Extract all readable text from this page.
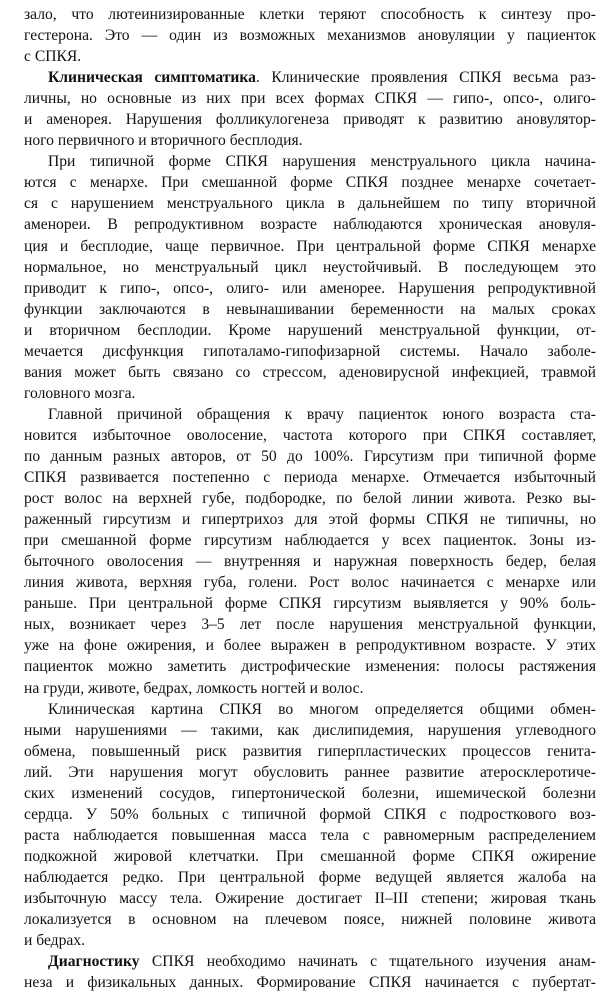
зало, что лютеинизированные клетки теряют способность к синтезу про-
гестерона. Это — один из возможных механизмов ановуляции у пациенток
с СПКЯ.
Клиническая симптоматика. Клинические проявления СПКЯ весьма раз-
личны, но основные из них при всех формах СПКЯ — гипо-, опсо-, олиго-
и аменорея. Нарушения фолликулогенеза приводят к развитию ановулятор-
ного первичного и вторичного бесплодия.
При типичной форме СПКЯ нарушения менструального цикла начина-
ются с менархе. При смешанной форме СПКЯ позднее менархе сочетает-
ся с нарушением менструального цикла в дальнейшем по типу вторичной
аменореи. В репродуктивном возрасте наблюдаются хроническая ановуля-
ция и бесплодие, чаще первичное. При центральной форме СПКЯ менархе
нормальное, но менструальный цикл неустойчивый. В последующем это
приводит к гипо-, опсо-, олиго- или аменорее. Нарушения репродуктивной
функции заключаются в невынашивании беременности на малых сроках
и вторичном бесплодии. Кроме нарушений менструальной функции, от-
мечается дисфункция гипоталамо-гипофизарной системы. Начало заболе-
вания может быть связано со стрессом, аденовирусной инфекцией, травмой
головного мозга.
Главной причиной обращения к врачу пациенток юного возраста ста-
новится избыточное оволосение, частота которого при СПКЯ составляет,
по данным разных авторов, от 50 до 100%. Гирсутизм при типичной форме
СПКЯ развивается постепенно с периода менархе. Отмечается избыточный
рост волос на верхней губе, подбородке, по белой линии живота. Резко вы-
раженный гирсутизм и гипертрихоз для этой формы СПКЯ не типичны, но
при смешанной форме гирсутизм наблюдается у всех пациенток. Зоны из-
быточного оволосения — внутренняя и наружная поверхность бедер, белая
линия живота, верхняя губа, голени. Рост волос начинается с менархе или
раньше. При центральной форме СПКЯ гирсутизм выявляется у 90% боль-
ных, возникает через 3–5 лет после нарушения менструальной функции,
уже на фоне ожирения, и более выражен в репродуктивном возрасте. У этих
пациенток можно заметить дистрофические изменения: полосы растяжения
на груди, животе, бедрах, ломкость ногтей и волос.
Клиническая картина СПКЯ во многом определяется общими обмен-
ными нарушениями — такими, как дислипидемия, нарушения углеводного
обмена, повышенный риск развития гиперпластических процессов генита-
лий. Эти нарушения могут обусловить раннее развитие атеросклеротиче-
ских изменений сосудов, гипертонической болезни, ишемической болезни
сердца. У 50% больных с типичной формой СПКЯ с подросткового воз-
раста наблюдается повышенная масса тела с равномерным распределением
подкожной жировой клетчатки. При смешанной форме СПКЯ ожирение
наблюдается редко. При центральной форме ведущей является жалоба на
избыточную массу тела. Ожирение достигает II–III степени; жировая ткань
локализуется в основном на плечевом поясе, нижней половине живота
и бедрах.
Диагностику СПКЯ необходимо начинать с тщательного изучения анам-
неза и физикальных данных. Формирование СПКЯ начинается с пубертат-
